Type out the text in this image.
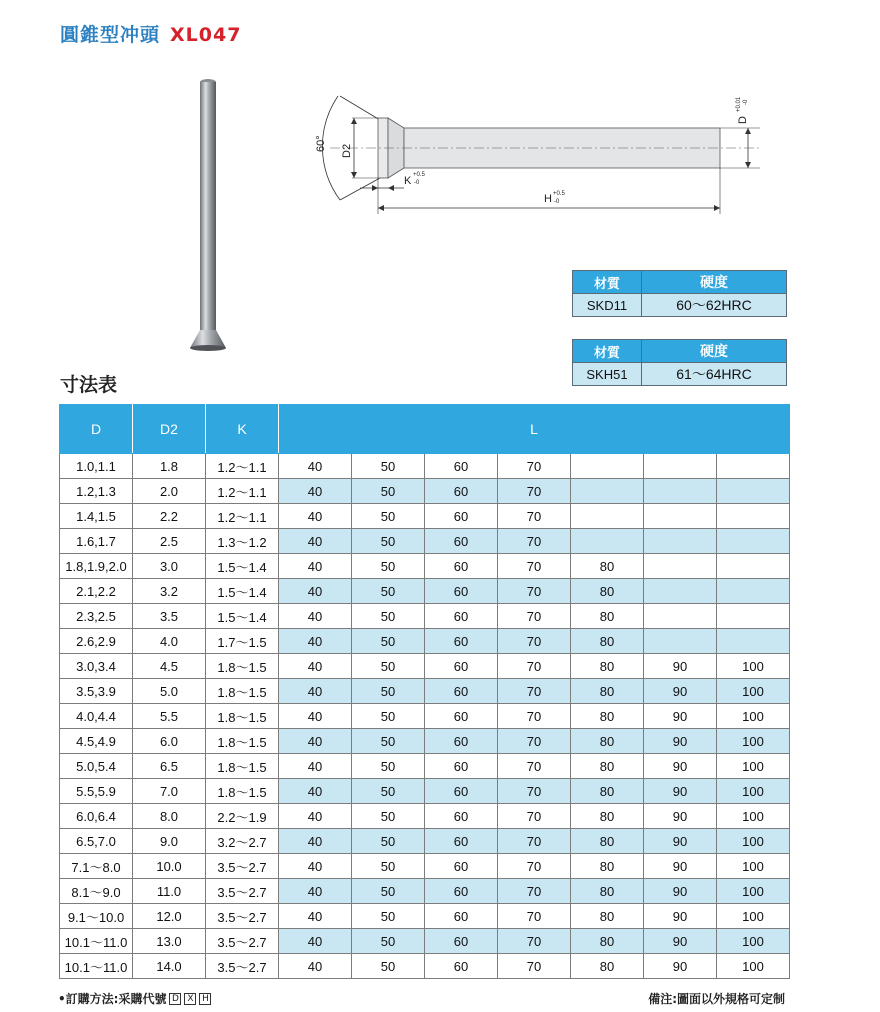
圓錐型冲頭 XL047
60° D2
K +0.5
-0
H +0.5
-0
D
+0.01 -0
材質	硬度
SKD11	60～62HRC
材質	硬度
SKH51	61～64HRC
寸法表
D	D2	K	L						
1.0,1.1	1.8	1.2～1.1	40	50	60	70			
1.2,1.3	2.0	1.2～1.1	40	50	60	70			
1.4,1.5	2.2	1.2～1.1	40	50	60	70			
1.6,1.7	2.5	1.3～1.2	40	50	60	70			
1.8,1.9,2.0	3.0	1.5～1.4	40	50	60	70	80		
2.1,2.2	3.2	1.5～1.4	40	50	60	70	80		
2.3,2.5	3.5	1.5～1.4	40	50	60	70	80		
2.6,2.9	4.0	1.7～1.5	40	50	60	70	80		
3.0,3.4	4.5	1.8～1.5	40	50	60	70	80	90	100
3.5,3.9	5.0	1.8～1.5	40	50	60	70	80	90	100
4.0,4.4	5.5	1.8～1.5	40	50	60	70	80	90	100
4.5,4.9	6.0	1.8～1.5	40	50	60	70	80	90	100
5.0,5.4	6.5	1.8～1.5	40	50	60	70	80	90	100
5.5,5.9	7.0	1.8～1.5	40	50	60	70	80	90	100
6.0,6.4	8.0	2.2～1.9	40	50	60	70	80	90	100
6.5,7.0	9.0	3.2～2.7	40	50	60	70	80	90	100
7.1～8.0	10.0	3.5～2.7	40	50	60	70	80	90	100
8.1～9.0	11.0	3.5～2.7	40	50	60	70	80	90	100
9.1～10.0	12.0	3.5～2.7	40	50	60	70	80	90	100
10.1～11.0	13.0	3.5～2.7	40	50	60	70	80	90	100
10.1～11.0	14.0	3.5～2.7	40	50	60	70	80	90	100
•訂購方法:采購代號 D X H	備注:圖面以外規格可定制
